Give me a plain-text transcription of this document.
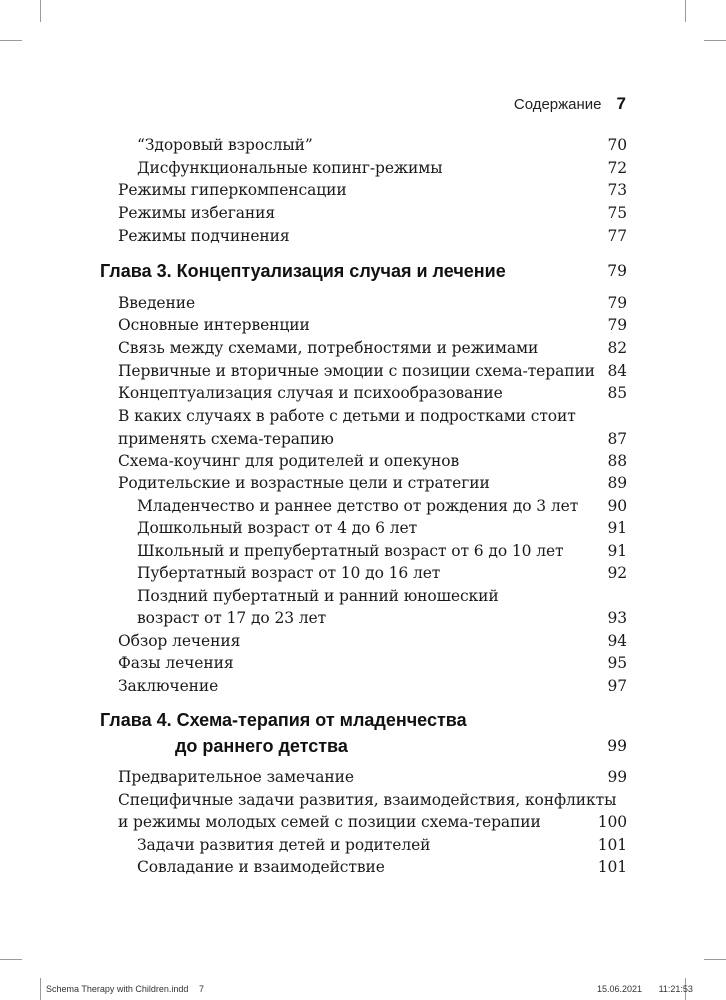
Содержание 7
“Здоровый взрослый”	70
Дисфункциональные копинг-режимы	72
Режимы гиперкомпенсации	73
Режимы избегания	75
Режимы подчинения	77
Глава 3. Концептуализация случая и лечение	79
Введение	79
Основные интервенции	79
Связь между схемами, потребностями и режимами	82
Первичные и вторичные эмоции с позиции схема-терапии 84
Концептуализация случая и психообразование	85
В каких случаях в работе с детьми и подростками стоит
применять схема-терапию	87
Схема-коучинг для родителей и опекунов	88
Родительские и возрастные цели и стратегии	89
Младенчество и раннее детство от рождения до 3 лет 90
Дошкольный возраст от 4 до 6 лет	91
Школьный и препубертатный возраст от 6 до 10 лет	91
Пубертатный возраст от 10 до 16 лет	92
Поздний пубертатный и ранний юношеский
возраст от 17 до 23 лет	93
Обзор лечения	94
Фазы лечения	95
Заключение	97
Глава 4. Схема-терапия от младенчества
до раннего детства	99
Предварительное замечание	99
Специфичные задачи развития, взаимодействия, конфликты
и режимы молодых семей с позиции схема-терапии	100
Задачи развития детей и родителей	101
Совладание и взаимодействие	101
Schema Therapy with Children.indd 7	15.06.2021 11:21:53
